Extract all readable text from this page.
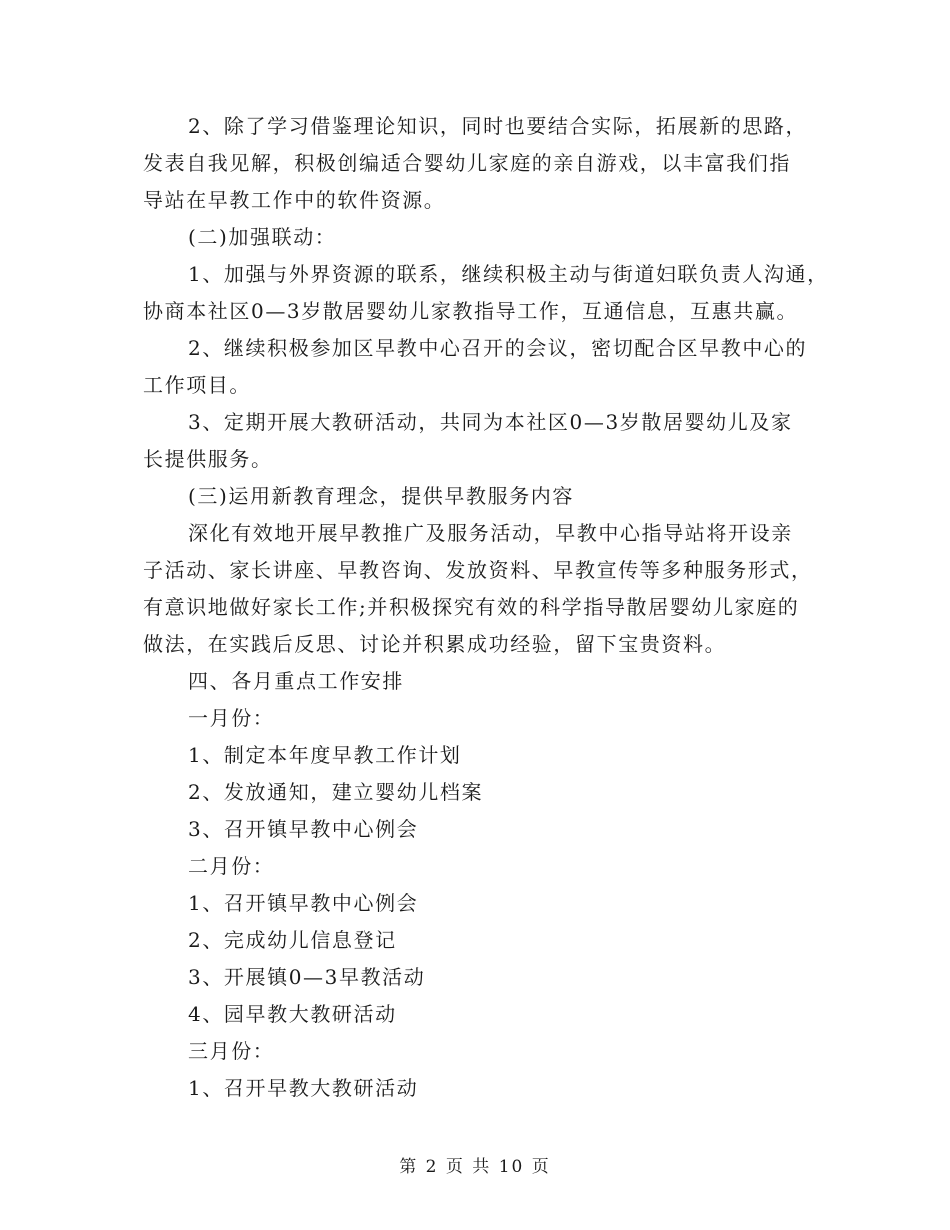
2、除了学习借鉴理论知识，同时也要结合实际，拓展新的思路，
发表自我见解，积极创编适合婴幼儿家庭的亲自游戏，以丰富我们指
导站在早教工作中的软件资源。
(二)加强联动：
1、加强与外界资源的联系，继续积极主动与街道妇联负责人沟通，
协商本社区0—3岁散居婴幼儿家教指导工作，互通信息，互惠共赢。
2、继续积极参加区早教中心召开的会议，密切配合区早教中心的
工作项目。
3、定期开展大教研活动，共同为本社区0—3岁散居婴幼儿及家
长提供服务。
(三)运用新教育理念，提供早教服务内容
深化有效地开展早教推广及服务活动，早教中心指导站将开设亲
子活动、家长讲座、早教咨询、发放资料、早教宣传等多种服务形式，
有意识地做好家长工作;并积极探究有效的科学指导散居婴幼儿家庭的
做法，在实践后反思、讨论并积累成功经验，留下宝贵资料。
四、各月重点工作安排
一月份：
1、制定本年度早教工作计划
2、发放通知，建立婴幼儿档案
3、召开镇早教中心例会
二月份：
1、召开镇早教中心例会
2、完成幼儿信息登记
3、开展镇0—3早教活动
4、园早教大教研活动
三月份：
1、召开早教大教研活动
第 2 页 共 10 页
